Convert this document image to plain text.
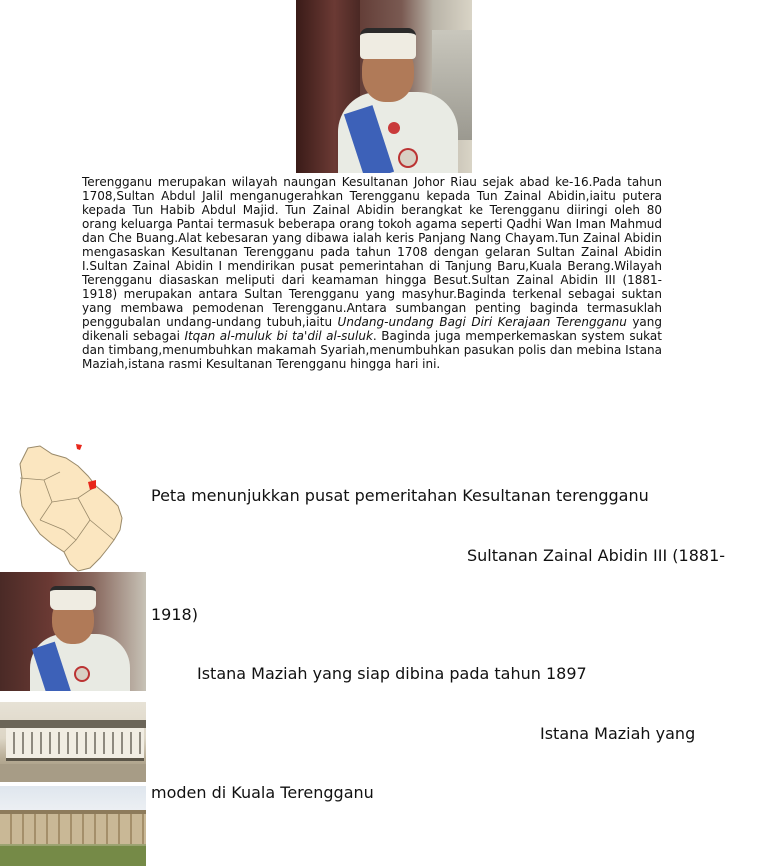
Terengganu merupakan wilayah naungan Kesultanan Johor Riau sejak abad ke-16.Pada tahun 1708,Sultan Abdul Jalil menganugerahkan Terengganu kepada Tun Zainal Abidin,iaitu putera kepada Tun Habib Abdul Majid. Tun Zainal Abidin berangkat ke Terengganu diiringi oleh 80 orang keluarga Pantai termasuk beberapa orang tokoh agama seperti Qadhi Wan Iman Mahmud dan Che Buang.Alat kebesaran yang dibawa ialah keris Panjang Nang Chayam.Tun Zainal Abidin mengasaskan Kesultanan Terengganu pada tahun 1708 dengan gelaran Sultan Zainal Abidin I.Sultan Zainal Abidin I mendirikan pusat pemerintahan di Tanjung Baru,Kuala Berang.Wilayah Terengganu diasaskan meliputi dari keamaman hingga Besut.Sultan Zainal Abidin III (1881-1918) merupakan antara Sultan Terengganu yang masyhur.Baginda terkenal sebagai suktan yang membawa pemodenan Terengganu.Antara sumbangan penting baginda termasuklah penggubalan undang-undang tubuh,iaitu Undang-undang Bagi Diri Kerajaan Terengganu yang dikenali sebagai Itqan al-muluk bi ta'dil al-suluk. Baginda juga memperkemaskan system sukat dan timbang,menumbuhkan makamah Syariah,menumbuhkan pasukan polis dan mebina Istana Maziah,istana rasmi Kesultanan Terengganu hingga hari ini.

Peta menunjukkan pusat pemeritahan Kesultanan terengganu
Sultanan Zainal Abidin III (1881-
1918)
Istana Maziah yang siap dibina pada tahun 1897
Istana Maziah yang
moden di Kuala Terengganu
